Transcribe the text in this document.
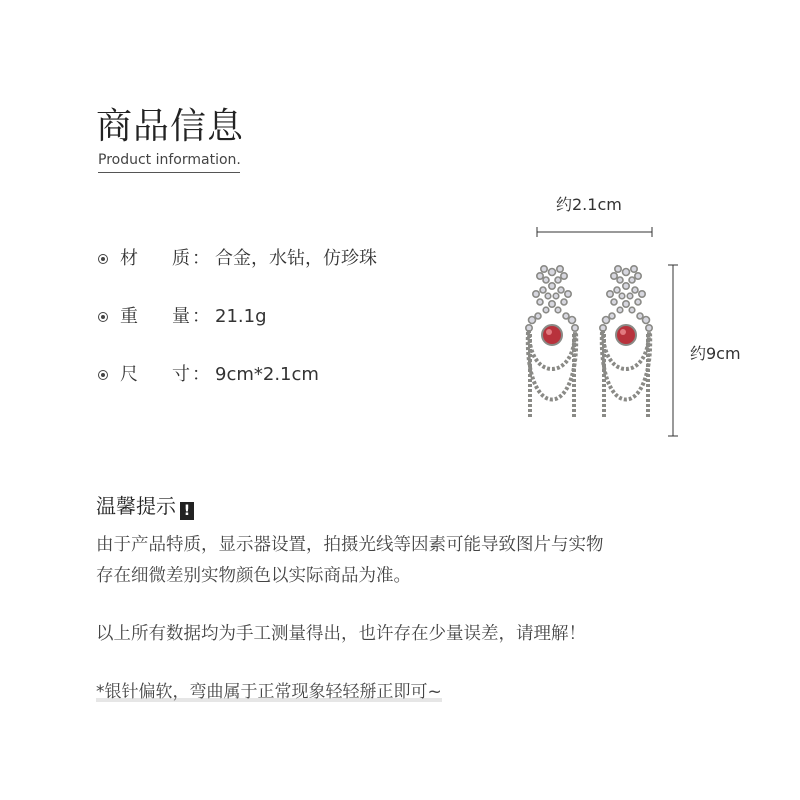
商品信息
Product information.
材 质 ： 合金，水钻，仿珍珠
重 量 ： 21.1g
尺 寸 ： 9cm*2.1cm
约2.1cm
约9cm
温馨提示 !
由于产品特质，显示器设置，拍摄光线等因素可能导致图片与实物
存在细微差别实物颜色以实际商品为准。
以上所有数据均为手工测量得出，也许存在少量误差，请理解！
*银针偏软，弯曲属于正常现象轻轻掰正即可~
